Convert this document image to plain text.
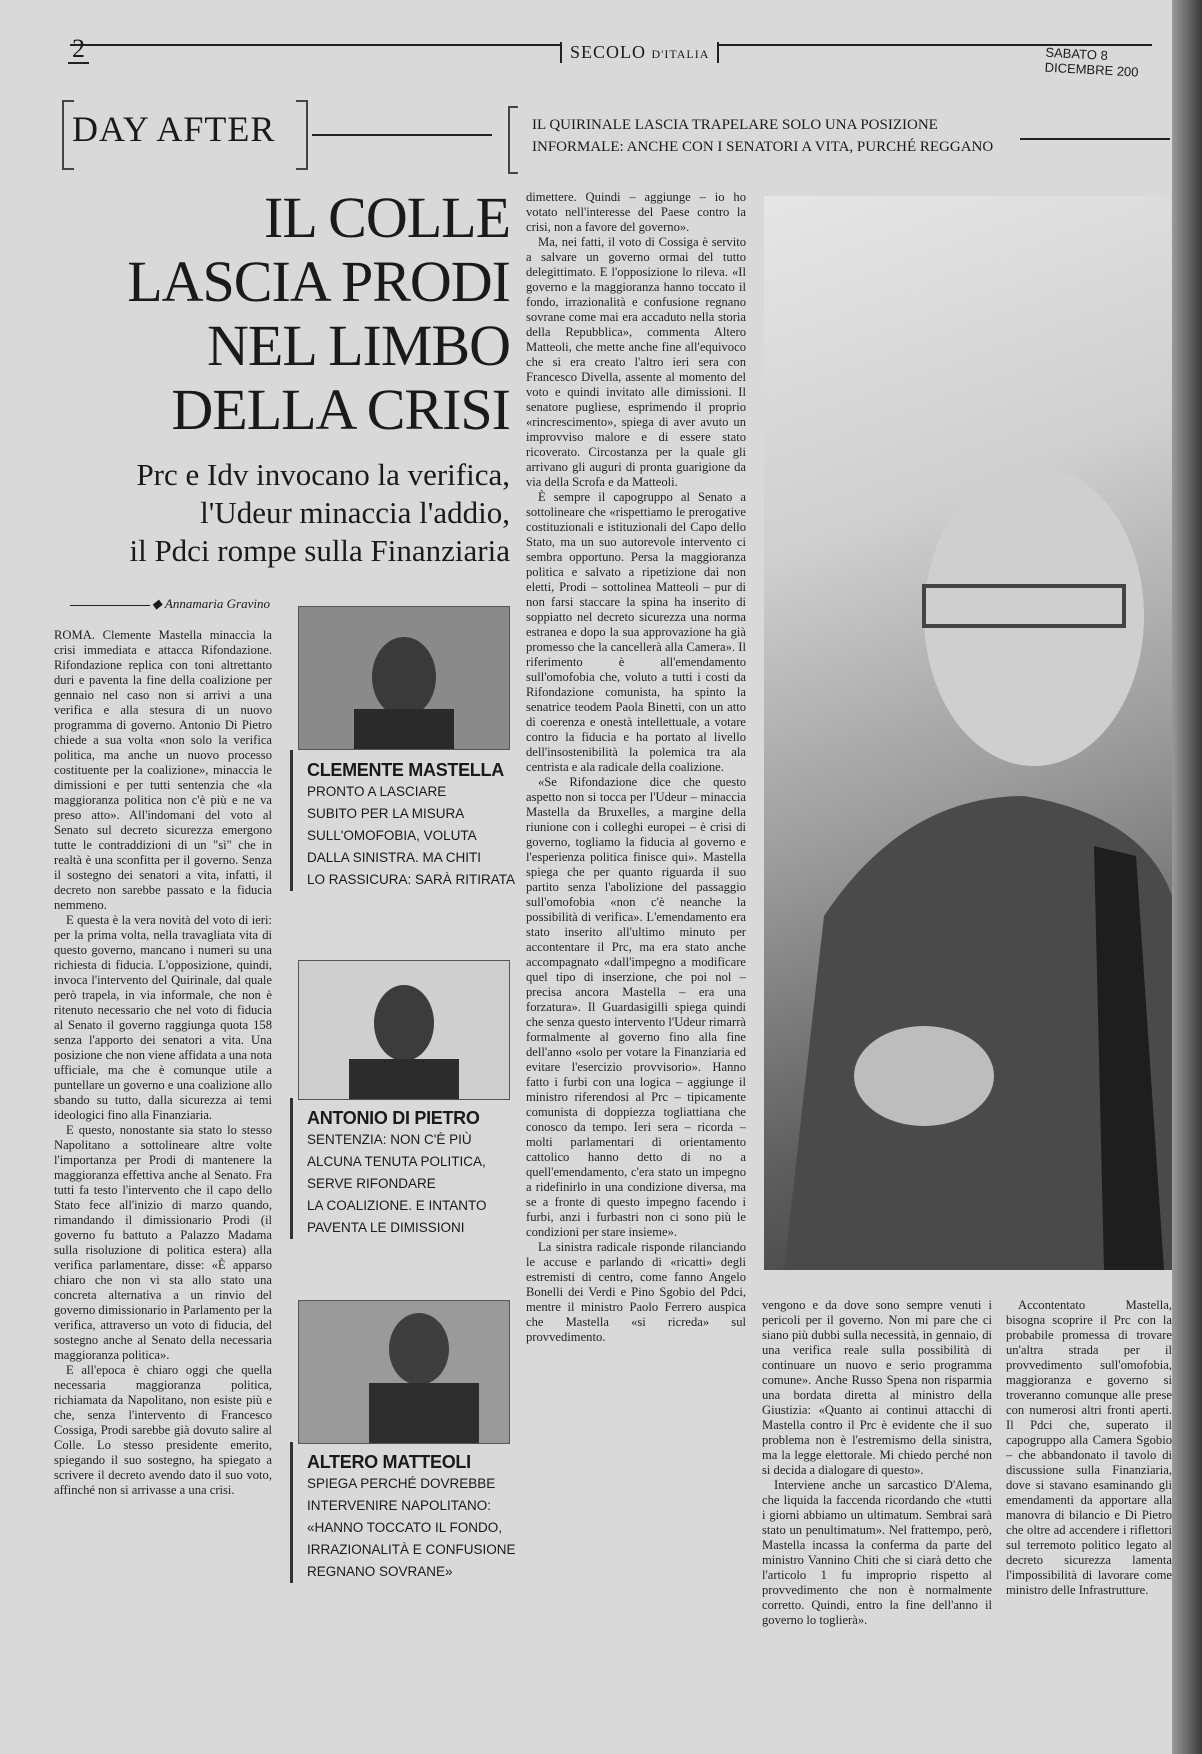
2	SECOLO D'ITALIA	SABATO 8 DICEMBRE 200
DAY AFTER	IL QUIRINALE LASCIA TRAPELARE SOLO UNA POSIZIONE INFORMALE: ANCHE CON I SENATORI A VITA, PURCHÉ REGGANO
IL COLLE
LASCIA PRODI
NEL LIMBO
DELLA CRISI
Prc e Idv invocano la verifica,
l'Udeur minaccia l'addio,
il Pdci rompe sulla Finanziaria
◆ Annamaria Gravino

ROMA. Clemente Mastella minaccia la crisi immediata e attacca Rifondazione. Rifondazione replica con toni altrettanto duri e paventa la fine della coalizione per gennaio nel caso non si arrivi a una verifica e alla stesura di un nuovo programma di governo. Antonio Di Pietro chiede a sua volta «non solo la verifica politica, ma anche un nuovo processo costituente per la coalizione», minaccia le dimissioni e per tutti sentenzia che «la maggioranza politica non c'è più e ne va preso atto». All'indomani del voto al Senato sul decreto sicurezza emergono tutte le contraddizioni di un "sì" che in realtà è una sconfitta per il governo. Senza il sostegno dei senatori a vita, infatti, il decreto non sarebbe passato e la fiducia nemmeno.

E questa è la vera novità del voto di ieri: per la prima volta, nella travagliata vita di questo governo, mancano i numeri su una richiesta di fiducia. L'opposizione, quindi, invoca l'intervento del Quirinale, dal quale però trapela, in via informale, che non è ritenuto necessario che nel voto di fiducia al Senato il governo raggiunga quota 158 senza l'apporto dei senatori a vita. Una posizione che non viene affidata a una nota ufficiale, ma che è comunque utile a puntellare un governo e una coalizione allo sbando su tutto, dalla sicurezza ai temi ideologici fino alla Finanziaria.

E questo, nonostante sia stato lo stesso Napolitano a sottolineare altre volte l'importanza per Prodi di mantenere la maggioranza effettiva anche al Senato. Fra tutti fa testo l'intervento che il capo dello Stato fece all'inizio di marzo quando, rimandando il dimissionario Prodi (il governo fu battuto a Palazzo Madama sulla risoluzione di politica estera) alla verifica parlamentare, disse: «È apparso chiaro che non vi sta allo stato una concreta alternativa a un rinvio del governo dimissionario in Parlamento per la verifica, attraverso un voto di fiducia, del sostegno anche al Senato della necessaria maggioranza politica».

E all'epoca è chiaro oggi che quella necessaria maggioranza politica, richiamata da Napolitano, non esiste più e che, senza l'intervento di Francesco Cossiga, Prodi sarebbe già dovuto salire al Colle. Lo stesso presidente emerito, spiegando il suo sostegno, ha spiegato a scrivere il decreto avendo dato il suo voto, affinché non si arrivasse a una crisi.

CLEMENTE MASTELLA
PRONTO A LASCIARE
SUBITO PER LA MISURA
SULL'OMOFOBIA, VOLUTA
DALLA SINISTRA. MA CHITI
LO RASSICURA: SARÀ RITIRATA
ANTONIO DI PIETRO
SENTENZIA: NON C'È PIÙ
ALCUNA TENUTA POLITICA,
SERVE RIFONDARE
LA COALIZIONE. E INTANTO
PAVENTA LE DIMISSIONI
ALTERO MATTEOLI
SPIEGA PERCHÉ DOVREBBE
INTERVENIRE NAPOLITANO:
«HANNO TOCCATO IL FONDO,
IRRAZIONALITÀ E CONFUSIONE
REGNANO SOVRANE»

dimettere. Quindi – aggiunge – io ho votato nell'interesse del Paese contro la crisi, non a favore del governo».

Ma, nei fatti, il voto di Cossiga è servito a salvare un governo ormai del tutto delegittimato. E l'opposizione lo rileva. «Il governo e la maggioranza hanno toccato il fondo, irrazionalità e confusione regnano sovrane come mai era accaduto nella storia della Repubblica», commenta Altero Matteoli, che mette anche fine all'equivoco che si era creato l'altro ieri sera con Francesco Divella, assente al momento del voto e quindi invitato alle dimissioni. Il senatore pugliese, esprimendo il proprio «rincrescimento», spiega di aver avuto un improvviso malore e di essere stato ricoverato. Circostanza per la quale gli arrivano gli auguri di pronta guarigione da via della Scrofa e da Matteoli.

È sempre il capogruppo al Senato a sottolineare che «rispettiamo le prerogative costituzionali e istituzionali del Capo dello Stato, ma un suo autorevole intervento ci sembra opportuno. Persa la maggioranza politica e salvato a ripetizione dai non eletti, Prodi – sottolinea Matteoli – pur di non farsi staccare la spina ha inserito di soppiatto nel decreto sicurezza una norma estranea e dopo la sua approvazione ha già promesso che la cancellerà alla Camera». Il riferimento è all'emendamento sull'omofobia che, voluto a tutti i costi da Rifondazione comunista, ha spinto la senatrice teodem Paola Binetti, con un atto di coerenza e onestà intellettuale, a votare contro la fiducia e ha portato al livello dell'insostenibilità la polemica tra ala centrista e ala radicale della coalizione.

«Se Rifondazione dice che questo aspetto non si tocca per l'Udeur – minaccia Mastella da Bruxelles, a margine della riunione con i colleghi europei – è crisi di governo, togliamo la fiducia al governo e l'esperienza politica finisce qui». Mastella spiega che per quanto riguarda il suo partito senza l'abolizione del passaggio sull'omofobia «non c'è neanche la possibilità di verifica». L'emendamento era stato inserito all'ultimo minuto per accontentare il Prc, ma era stato anche accompagnato «dall'impegno a modificare quel tipo di inserzione, che poi nol – precisa ancora Mastella – era una forzatura». Il Guardasigilli spiega quindi che senza questo intervento l'Udeur rimarrà formalmente al governo fino alla fine dell'anno «solo per votare la Finanziaria ed evitare l'esercizio provvisorio». Hanno fatto i furbi con una logica – aggiunge il ministro riferendosi al Prc – tipicamente comunista di doppiezza togliattiana che conosco da tempo. Ieri sera – ricorda – molti parlamentari di orientamento cattolico hanno detto di no a quell'emendamento, c'era stato un impegno a ridefinirlo in una condizione diversa, ma se a fronte di questo impegno facendo i furbi, anzi i furbastri non ci sono più le condizioni per stare insieme».

La sinistra radicale risponde rilanciando le accuse e parlando di «ricatti» degli estremisti di centro, come fanno Angelo Bonelli dei Verdi e Pino Sgobio del Pdci, mentre il ministro Paolo Ferrero auspica che Mastella «si ricreda» sul provvedimento.

vengono e da dove sono sempre venuti i pericoli per il governo. Non mi pare che ci siano più dubbi sulla necessità, in gennaio, di una verifica reale sulla possibilità di continuare un nuovo e serio programma comune». Anche Russo Spena non risparmia una bordata diretta al ministro della Giustizia: «Quanto ai continui attacchi di Mastella contro il Prc è evidente che il suo problema non è l'estremismo della sinistra, ma la legge elettorale. Mi chiedo perché non si decida a dialogare di questo».

Interviene anche un sarcastico D'Alema, che liquida la faccenda ricordando che «tutti i giorni abbiamo un ultimatum. Sembrai sarà stato un penultimatum». Nel frattempo, però, Mastella incassa la conferma da parte del ministro Vannino Chiti che si ciarà detto che l'articolo 1 fu improprio rispetto al provvedimento che non è normalmente corretto. Quindi, entro la fine dell'anno il governo lo toglierà».

Accontentato Mastella, bisogna scoprire il Prc con la probabile promessa di trovare un'altra strada per il provvedimento sull'omofobia, maggioranza e governo si troveranno comunque alle prese con numerosi altri fronti aperti. Il Pdci che, superato il capogruppo alla Camera Sgobio – che abbandonato il tavolo di discussione sulla Finanziaria, dove si stavano esaminando gli emendamenti da apportare alla manovra di bilancio e Di Pietro che oltre ad accendere i riflettori sul terremoto politico legato al decreto sicurezza lamenta l'impossibilità di lavorare come ministro delle Infrastrutture.
